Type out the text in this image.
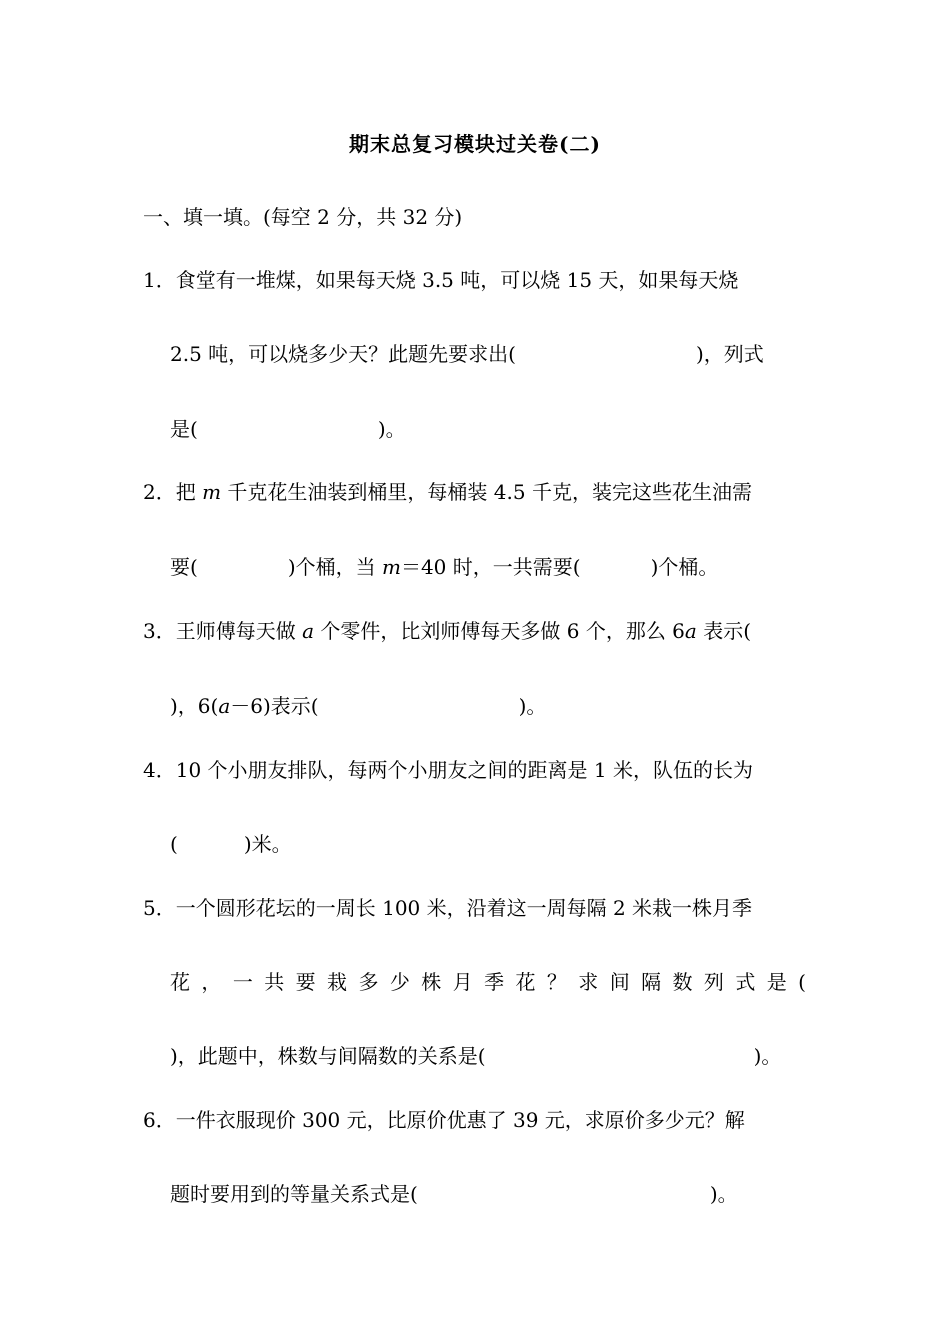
期末总复习模块过关卷(二)
一、填一填。(每空 2 分，共 32 分)
1．食堂有一堆煤，如果每天烧 3.5 吨，可以烧 15 天，如果每天烧
2.5 吨，可以烧多少天？此题先要求出(	)，列式
是(	)。
2．把 m 千克花生油装到桶里，每桶装 4.5 千克，装完这些花生油需
要(	)个桶，当 m＝40 时，一共需要(	)个桶。
3．王师傅每天做 a 个零件，比刘师傅每天多做 6 个，那么 6a 表示(
)，6(a－6)表示(	)。
4．10 个小朋友排队，每两个小朋友之间的距离是 1 米，队伍的长为
(	)米。
5．一个圆形花坛的一周长 100 米，沿着这一周每隔 2 米栽一株月季
花 ， 一 共 要 栽 多 少 株 月 季 花 ？ 求 间 隔 数 列 式 是 (
)，此题中，株数与间隔数的关系是(	)。
6．一件衣服现价 300 元，比原价优惠了 39 元，求原价多少元？解
题时要用到的等量关系式是(	)。
